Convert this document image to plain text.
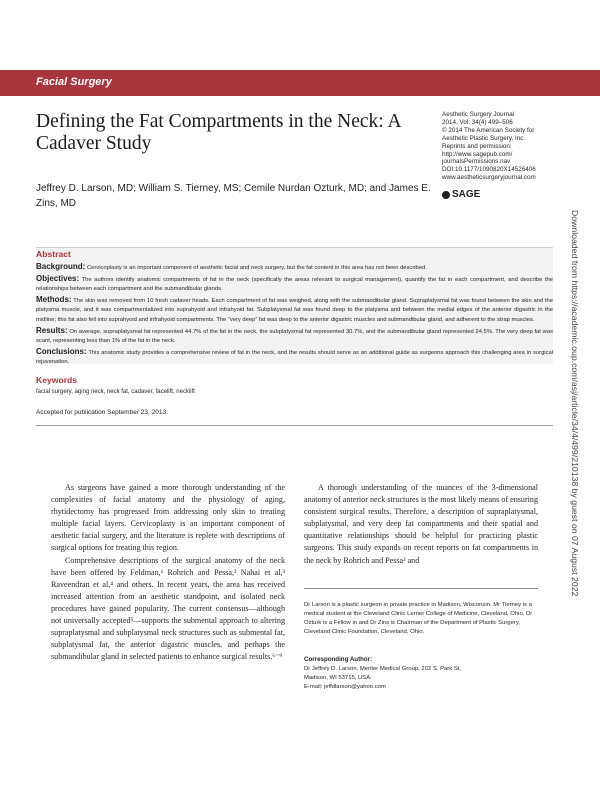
Facial Surgery
Defining the Fat Compartments in the Neck: A Cadaver Study
Aesthetic Surgery Journal
2014, Vol. 34(4) 499–506
© 2014 The American Society for
Aesthetic Plastic Surgery, Inc.
Reprints and permission:
http://www.sagepub.com/
journalsPermissions.nav
DOI:10.1177/1090820X14526406
www.aestheticsurgeryjournal.com
SAGE
Jeffrey D. Larson, MD; William S. Tierney, MS; Cemile Nurdan Ozturk, MD; and James E. Zins, MD
Abstract

Background: Cervicoplasty is an important component of aesthetic facial and neck surgery, but the fat content in this area has not been described.

Objectives: The authors identify anatomic compartments of fat in the neck (specifically the areas relevant to surgical management), quantify the fat in each compartment, and describe the relationships between each compartment and the submandibular glands.

Methods: The skin was removed from 10 fresh cadaver heads. Each compartment of fat was weighed, along with the submandibular gland. Supraplatysmal fat was found between the skin and the platysma muscle, and it was compartmentalized into suprahyoid and infrahyoid fat. Subplatysmal fat was found deep to the platysma and between the medial edges of the anterior digastric in the midline; this fat also fell into suprahyoid and infrahyoid compartments. The “very deep” fat was deep to the anterior digastric muscles and submandibular gland, and adherent to the strap muscles.

Results: On average, supraplatysmal fat represented 44.7% of the fat in the neck, the subplatysmal fat represented 30.7%, and the submandibular gland represented 24.5%. The very deep fat was scant, representing less than 1% of the fat in the neck.

Conclusions: This anatomic study provides a comprehensive review of fat in the neck, and the results should serve as an additional guide as surgeons approach this challenging area in surgical rejuvenation.

Keywords
facial surgery, aging neck, neck fat, cadaver, facelift, necklift
Accepted for publication September 23, 2013.

As surgeons have gained a more thorough understanding of the complexities of facial anatomy and the physiology of aging, rhytidectomy has progressed from addressing only skin to treating multiple facial layers. Cervicoplasty is an important component of aesthetic facial surgery, and the literature is replete with descriptions of surgical options for treating this region.

Comprehensive descriptions of the surgical anatomy of the neck have been offered by Feldman,¹ Rohrich and Pessa,² Nahai et al,³ Raveendran et al,⁴ and others. In recent years, the area has received increased attention from an aesthetic standpoint, and isolated neck procedures have gained popularity. The current consensus—although not universally accepted⁵—supports the submental approach to altering supraplatysmal and subplatysmal neck structures such as submental fat, subplatysmal fat, the anterior digastric muscles, and perhaps the submandibular gland in selected patients to enhance surgical results.⁶⁻⁹

A thorough understanding of the nuances of the 3-dimensional anatomy of anterior neck structures is the most likely means of ensuring consistent surgical results. Therefore, a description of supraplatysmal, subplatysmal, and very deep fat compartments and their spatial and quantitative relationships should be helpful for practicing plastic surgeons. This study expands on recent reports on fat compartments in the neck by Rohrich and Pessa² and

Dr Larson is a plastic surgeon in private practice in Madison, Wisconsin. Mr Tierney is a medical student at the Cleveland Clinic Lerner College of Medicine, Cleveland, Ohio. Dr Ozturk is a Fellow in and Dr Zins is Chairman of the Department of Plastic Surgery, Cleveland Clinic Foundation, Cleveland, Ohio.
Corresponding Author:
Dr Jeffrey D. Larson, Meriter Medical Group, 202 S. Park St,
Madison, WI 53715, USA.
E-mail: jeffdlarson@yahoo.com
Downloaded from https://academic.oup.com/asj/article/34/4/499/210138 by guest on 07 August 2022
